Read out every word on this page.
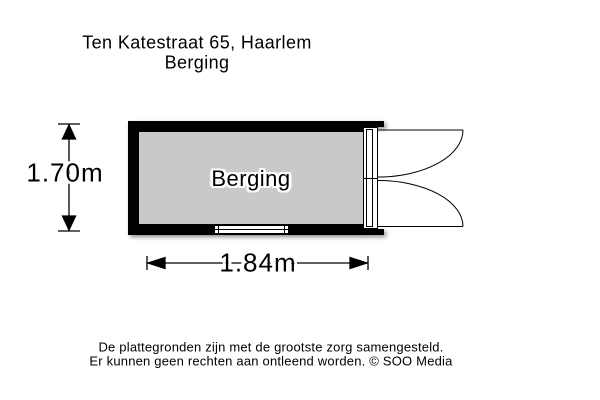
Ten Katestraat 65, Haarlem
Berging
Berging
1.70m
1.84m
De plattegronden zijn met de grootste zorg samengesteld.
Er kunnen geen rechten aan ontleend worden. © SOO Media
